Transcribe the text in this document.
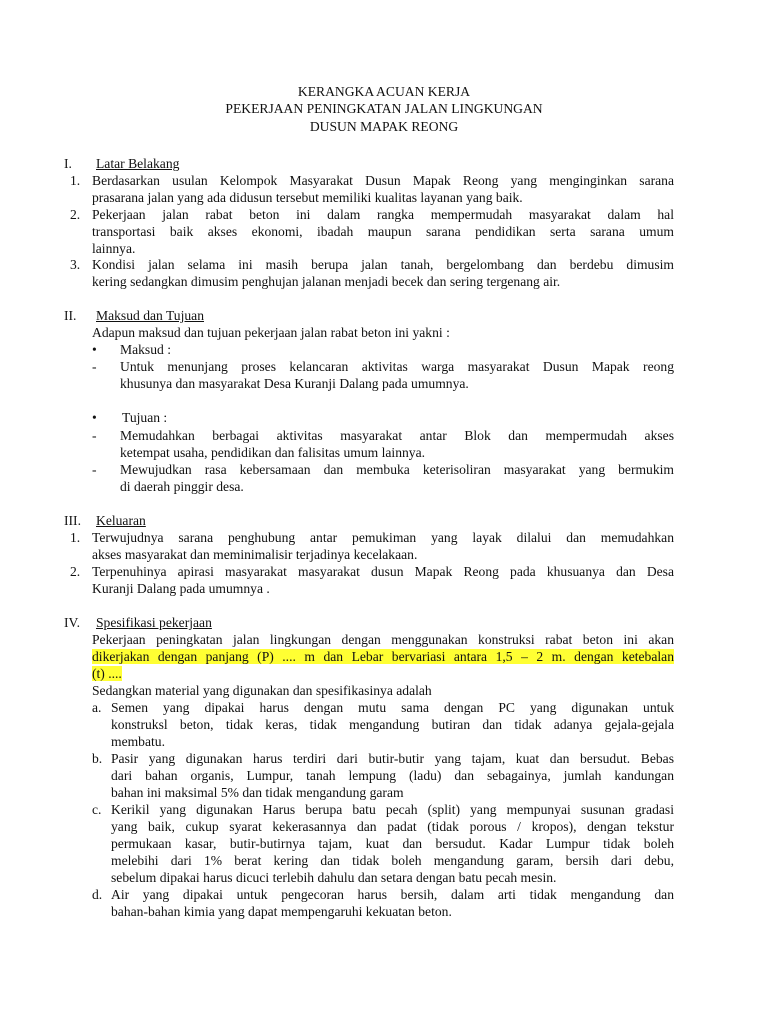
KERANGKA ACUAN KERJA
PEKERJAAN PENINGKATAN JALAN LINGKUNGAN
DUSUN MAPAK REONG
I. Latar Belakang
1. Berdasarkan usulan Kelompok Masyarakat Dusun Mapak Reong yang menginginkan sarana
prasarana jalan yang ada didusun tersebut memiliki kualitas layanan yang baik.
2. Pekerjaan jalan rabat beton ini dalam rangka mempermudah masyarakat dalam hal
transportasi baik akses ekonomi, ibadah maupun sarana pendidikan serta sarana umum
lainnya.
3. Kondisi jalan selama ini masih berupa jalan tanah, bergelombang dan berdebu dimusim
kering sedangkan dimusim penghujan jalanan menjadi becek dan sering tergenang air.
II. Maksud dan Tujuan
Adapun maksud dan tujuan pekerjaan jalan rabat beton ini yakni :
• Maksud :
- Untuk menunjang proses kelancaran aktivitas warga masyarakat Dusun Mapak reong
khusunya dan masyarakat Desa Kuranji Dalang pada umumnya.
• Tujuan :
- Memudahkan berbagai aktivitas masyarakat antar Blok dan mempermudah akses
ketempat usaha, pendidikan dan falisitas umum lainnya.
- Mewujudkan rasa kebersamaan dan membuka keterisoliran masyarakat yang bermukim
di daerah pinggir desa.
III. Keluaran
1. Terwujudnya sarana penghubung antar pemukiman yang layak dilalui dan memudahkan
akses masyarakat dan meminimalisir terjadinya kecelakaan.
2. Terpenuhinya apirasi masyarakat masyarakat dusun Mapak Reong pada khusuanya dan Desa
Kuranji Dalang pada umumnya .
IV. Spesifikasi pekerjaan
Pekerjaan peningkatan jalan lingkungan dengan menggunakan konstruksi rabat beton ini akan
dikerjakan dengan panjang (P) .... m dan Lebar bervariasi antara 1,5 – 2 m. dengan ketebalan
(t) ....
Sedangkan material yang digunakan dan spesifikasinya adalah
a. Semen yang dipakai harus dengan mutu sama dengan PC yang digunakan untuk
konstruksl beton, tidak keras, tidak mengandung butiran dan tidak adanya gejala-gejala
membatu.
b. Pasir yang digunakan harus terdiri dari butir-butir yang tajam, kuat dan bersudut. Bebas
dari bahan organis, Lumpur, tanah lempung (ladu) dan sebagainya, jumlah kandungan
bahan ini maksimal 5% dan tidak mengandung garam
c. Kerikil yang digunakan Harus berupa batu pecah (split) yang mempunyai susunan gradasi
yang baik, cukup syarat kekerasannya dan padat (tidak porous / kropos), dengan tekstur
permukaan kasar, butir-butirnya tajam, kuat dan bersudut. Kadar Lumpur tidak boleh
melebihi dari 1% berat kering dan tidak boleh mengandung garam, bersih dari debu,
sebelum dipakai harus dicuci terlebih dahulu dan setara dengan batu pecah mesin.
d. Air yang dipakai untuk pengecoran harus bersih, dalam arti tidak mengandung dan
bahan-bahan kimia yang dapat mempengaruhi kekuatan beton.
